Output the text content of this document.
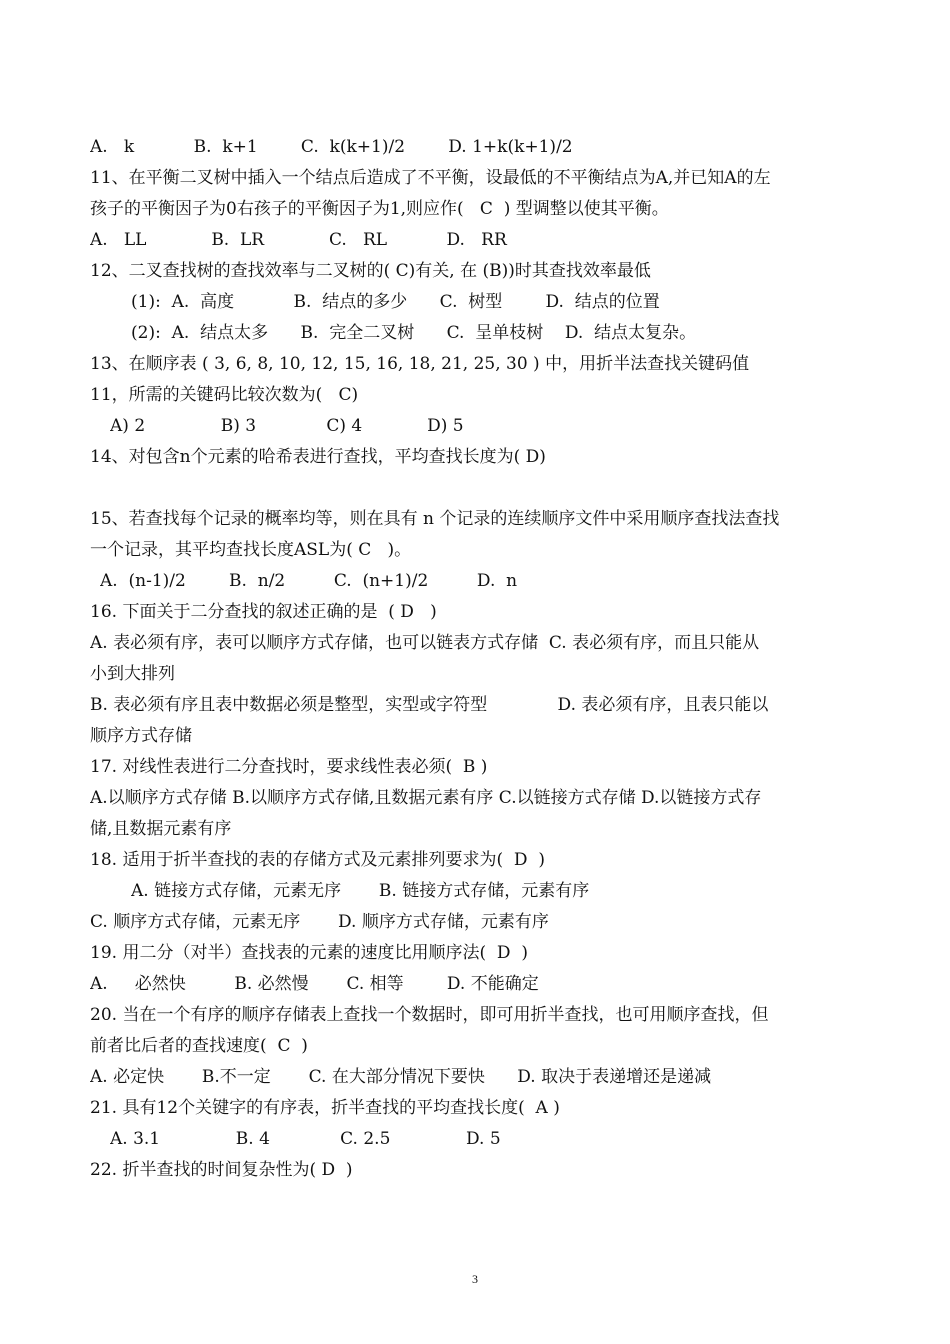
A.   k           B.  k+1        C.  k(k+1)/2        D. 1+k(k+1)/2
11、在平衡二叉树中插入一个结点后造成了不平衡，设最低的不平衡结点为A,并已知A的左
孩子的平衡因子为0右孩子的平衡因子为1,则应作(   C  ) 型调整以使其平衡。
A.   LL            B.  LR            C.   RL           D.   RR
12、二叉查找树的查找效率与二叉树的( C)有关, 在 (B))时其查找效率最低
(1):  A.  高度           B.  结点的多少      C.  树型        D.  结点的位置
(2):  A.  结点太多      B.  完全二叉树      C.  呈单枝树    D.  结点太复杂。
13、在顺序表 ( 3, 6, 8, 10, 12, 15, 16, 18, 21, 25, 30 ) 中，用折半法查找关键码值
11，所需的关键码比较次数为(   C)
A) 2              B) 3             C) 4            D) 5
14、对包含n个元素的哈希表进行查找，平均查找长度为( D)

15、若查找每个记录的概率均等，则在具有 n 个记录的连续顺序文件中采用顺序查找法查找
一个记录，其平均查找长度ASL为( C   )。
A.  (n-1)/2        B.  n/2         C.  (n+1)/2         D.  n
16. 下面关于二分查找的叙述正确的是  ( D   )
A. 表必须有序，表可以顺序方式存储，也可以链表方式存储  C. 表必须有序，而且只能从
小到大排列
B. 表必须有序且表中数据必须是整型，实型或字符型             D. 表必须有序，且表只能以
顺序方式存储
17. 对线性表进行二分查找时，要求线性表必须(  B )
A.以顺序方式存储 B.以顺序方式存储,且数据元素有序 C.以链接方式存储 D.以链接方式存
储,且数据元素有序
18. 适用于折半查找的表的存储方式及元素排列要求为(  D  )
A. 链接方式存储，元素无序       B. 链接方式存储，元素有序
C. 顺序方式存储，元素无序       D. 顺序方式存储，元素有序
19. 用二分（对半）查找表的元素的速度比用顺序法(  D  )
A.     必然快         B. 必然慢       C. 相等        D. 不能确定
20. 当在一个有序的顺序存储表上查找一个数据时，即可用折半查找，也可用顺序查找，但
前者比后者的查找速度(  C  )
A. 必定快       B.不一定       C. 在大部分情况下要快      D. 取决于表递增还是递减
21. 具有12个关键字的有序表，折半查找的平均查找长度(  A )
A. 3.1              B. 4             C. 2.5              D. 5
22. 折半查找的时间复杂性为( D  )
3
